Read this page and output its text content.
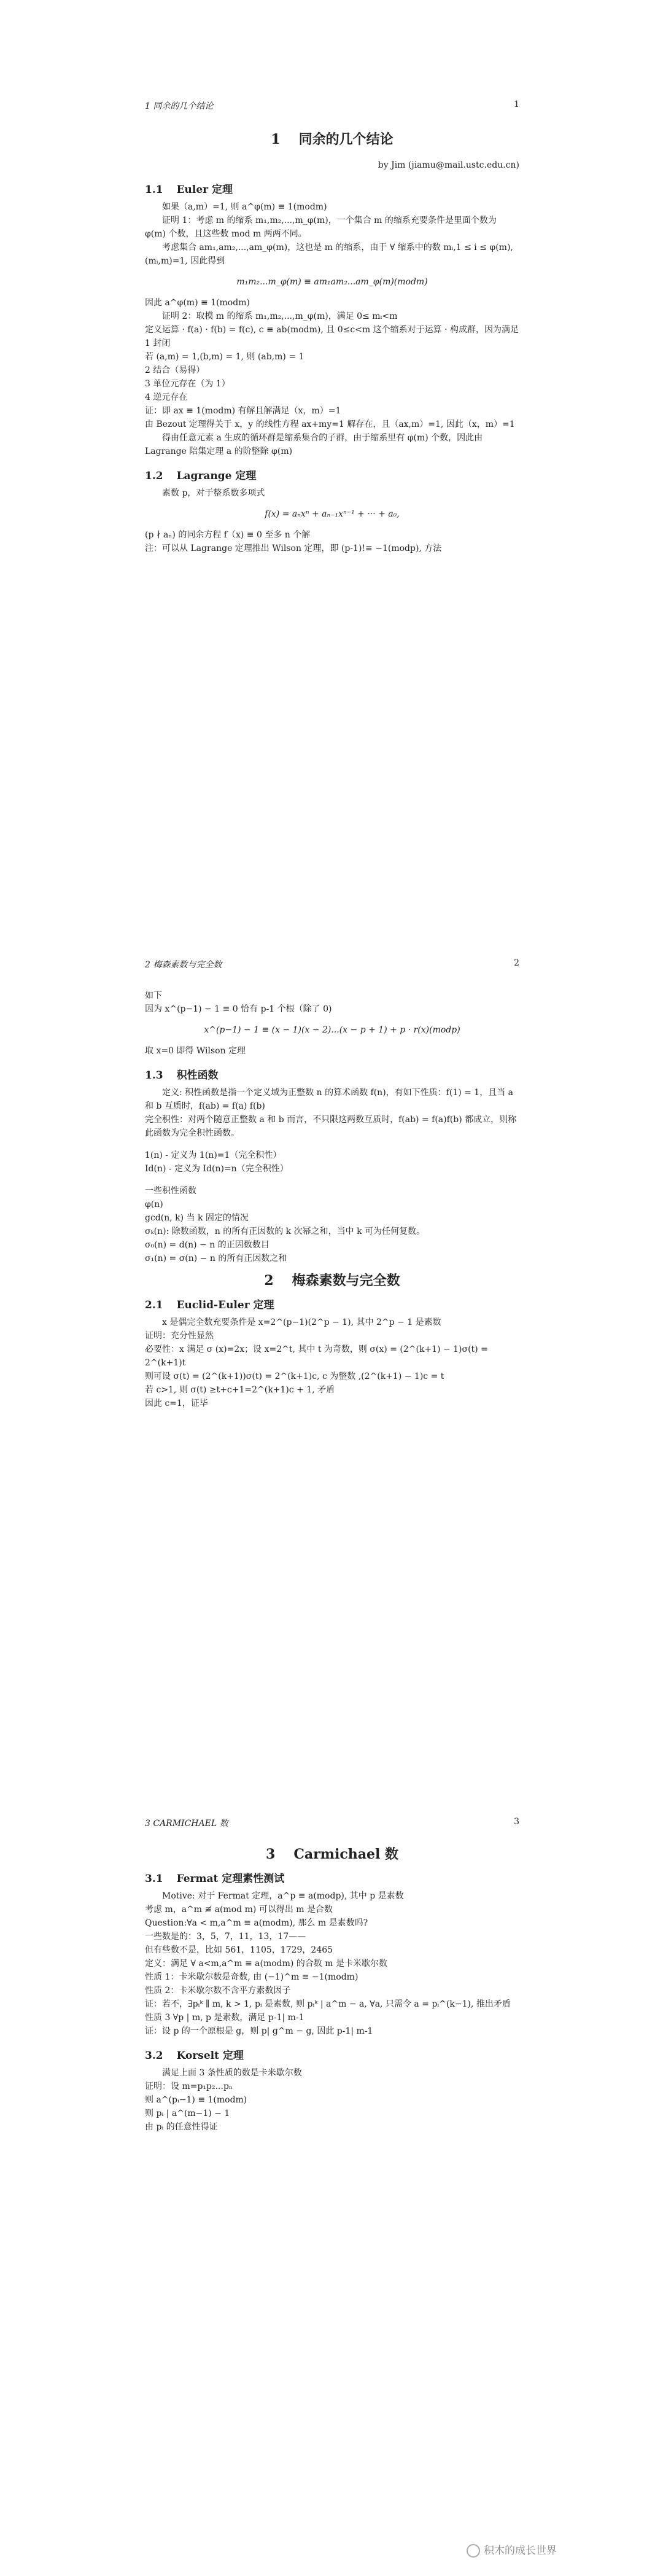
1 同余的几个结论	1

1 同余的几个结论

by Jim (jiamu@mail.ustc.edu.cn)

1.1 Euler 定理

如果（a,m）=1, 则 a^φ(m) ≡ 1(modm)

证明 1：考虑 m 的缩系 m₁,m₂,...,m_φ(m)，一个集合 m 的缩系充要条件是里面个数为 φ(m) 个数，且这些数 mod m 两两不同。

考虑集合 am₁,am₂,...,am_φ(m)，这也是 m 的缩系，由于 ∀ 缩系中的数 mᵢ,1 ≤ i ≤ φ(m),(mᵢ,m)=1, 因此得到

m₁m₂...m_φ(m) ≡ am₁am₂...am_φ(m)(modm)

因此 a^φ(m) ≡ 1(modm)

证明 2：取模 m 的缩系 m₁,m₂,...,m_φ(m)，满足 0≤ mᵢ<m

定义运算 · f(a) · f(b) = f(c), c ≡ ab(modm), 且 0≤c<m 这个缩系对于运算 · 构成群，因为满足

1 封闭

若 (a,m) = 1,(b,m) = 1, 则 (ab,m) = 1

2 结合（易得）

3 单位元存在（为 1）

4 逆元存在

证：即 ax ≡ 1(modm) 有解且解满足（x，m）=1

由 Bezout 定理得关于 x，y 的线性方程 ax+my=1 解存在，且（ax,m）=1, 因此（x，m）=1

得由任意元素 a 生成的循环群是缩系集合的子群，由于缩系里有 φ(m) 个数，因此由 Lagrange 陪集定理 a 的阶整除 φ(m)

1.2 Lagrange 定理

素数 p，对于整系数多项式

f(x) = aₙxⁿ + aₙ₋₁xⁿ⁻¹ + ··· + a₀,

(p ∤ aₙ) 的同余方程 f（x) ≡ 0 至多 n 个解

注：可以从 Lagrange 定理推出 Wilson 定理，即 (p-1)!≡ −1(modp), 方法

2 梅森素数与完全数	2

如下

因为 x^(p−1) − 1 ≡ 0 恰有 p-1 个根（除了 0)

x^(p−1) − 1 ≡ (x − 1)(x − 2)...(x − p + 1) + p · r(x)(modp)

取 x=0 即得 Wilson 定理

1.3 积性函数

定义: 积性函数是指一个定义域为正整数 n 的算术函数 f(n)，有如下性质：f(1) = 1，且当 a 和 b 互质时，f(ab) = f(a) f(b)

完全积性：对两个随意正整数 a 和 b 而言，不只限这两数互质时，f(ab) = f(a)f(b) 都成立，则称此函数为完全积性函数。

1(n) - 定义为 1(n)=1（完全积性）

Id(n) - 定义为 Id(n)=n（完全积性）

一些积性函数

φ(n)

gcd(n, k) 当 k 固定的情况

σₖ(n): 除数函数，n 的所有正因数的 k 次幂之和，当中 k 可为任何复数。

σ₀(n) = d(n) − n 的正因数数目

σ₁(n) = σ(n) − n 的所有正因数之和

2 梅森素数与完全数

2.1 Euclid-Euler 定理

x 是偶完全数充要条件是 x=2^(p−1)(2^p − 1), 其中 2^p − 1 是素数

证明：充分性显然

必要性：x 满足 σ (x)=2x；设 x=2^t, 其中 t 为奇数，则 σ(x) = (2^(k+1) − 1)σ(t) = 2^(k+1)t

则可设 σ(t) = (2^(k+1))σ(t) = 2^(k+1)c, c 为整数 ,(2^(k+1) − 1)c = t

若 c>1, 则 σ(t) ≥t+c+1=2^(k+1)c + 1, 矛盾

因此 c=1，证毕

3 CARMICHAEL 数	3

3 Carmichael 数

3.1 Fermat 定理素性测试

Motive: 对于 Fermat 定理，a^p ≡ a(modp), 其中 p 是素数

考虑 m，a^m ≢ a(mod m) 可以得出 m 是合数

Question:∀a < m,a^m ≡ a(modm), 那么 m 是素数吗?

一些数是的：3，5，7，11，13，17——

但有些数不是，比如 561，1105，1729，2465

定义：满足 ∀ a<m,a^m ≡ a(modm) 的合数 m 是卡米歇尔数

性质 1：卡米歇尔数是奇数, 由 (−1)^m ≡ −1(modm)

性质 2：卡米歇尔数不含平方素数因子

证：若不，∃pᵢᵏ ∥ m, k > 1, pᵢ 是素数, 则 pᵢᵏ | a^m − a, ∀a, 只需令 a = pᵢ^(k−1), 推出矛盾

性质 3 ∀p | m, p 是素数，满足 p-1| m-1

证：设 p 的一个原根是 g，则 p| g^m − g, 因此 p-1| m-1

3.2 Korselt 定理

满足上面 3 条性质的数是卡米歇尔数

证明：设 m=p₁p₂...pₙ

则 a^(pᵢ−1) ≡ 1(modm)

则 pᵢ | a^(m−1) − 1

由 pᵢ 的任意性得证

积木的成长世界
